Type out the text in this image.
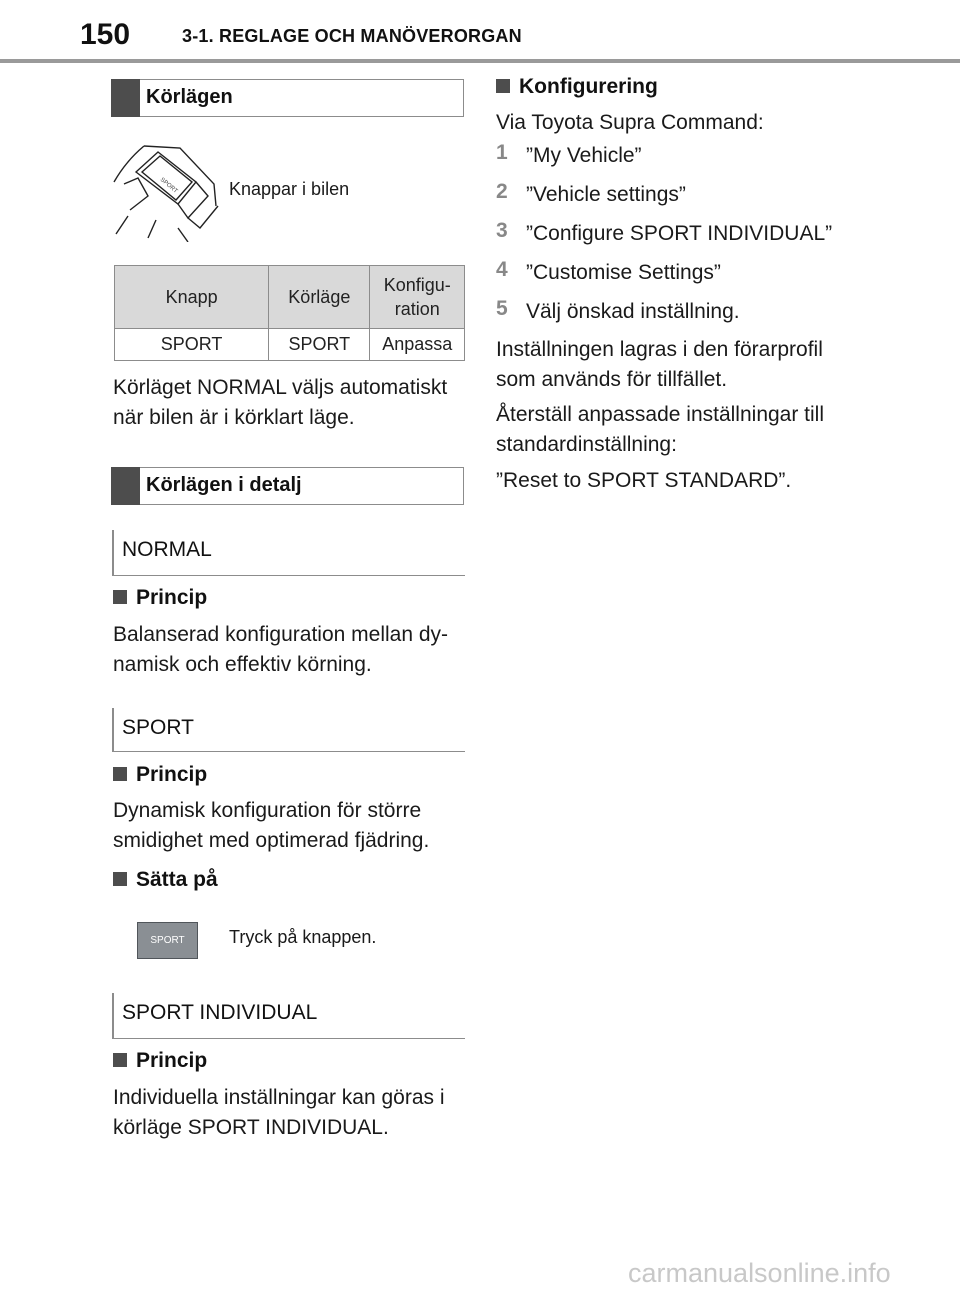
150	3-1. REGLAGE OCH MANÖVERORGAN
Körlägen
SPORT	Knappar i bilen
Knapp	Körläge	Konfigu-
ration
SPORT	SPORT	Anpassa
Körläget NORMAL väljs automatiskt
när bilen är i körklart läge.
Körlägen i detalj
NORMAL
Princip
Balanserad konfiguration mellan dy-
namisk och effektiv körning.
SPORT
Princip
Dynamisk konfiguration för större
smidighet med optimerad fjädring.
Sätta på
SPORT	Tryck på knappen.
SPORT INDIVIDUAL
Princip
Individuella inställningar kan göras i
körläge SPORT INDIVIDUAL.
Konfigurering
Via Toyota Supra Command:
1 ”My Vehicle”
2 ”Vehicle settings”
3 ”Configure SPORT INDIVIDUAL”
4 ”Customise Settings”
5 Välj önskad inställning.
Inställningen lagras i den förarprofil
som används för tillfället.
Återställ anpassade inställningar till
standardinställning:
”Reset to SPORT STANDARD”.
carmanualsonline.info
